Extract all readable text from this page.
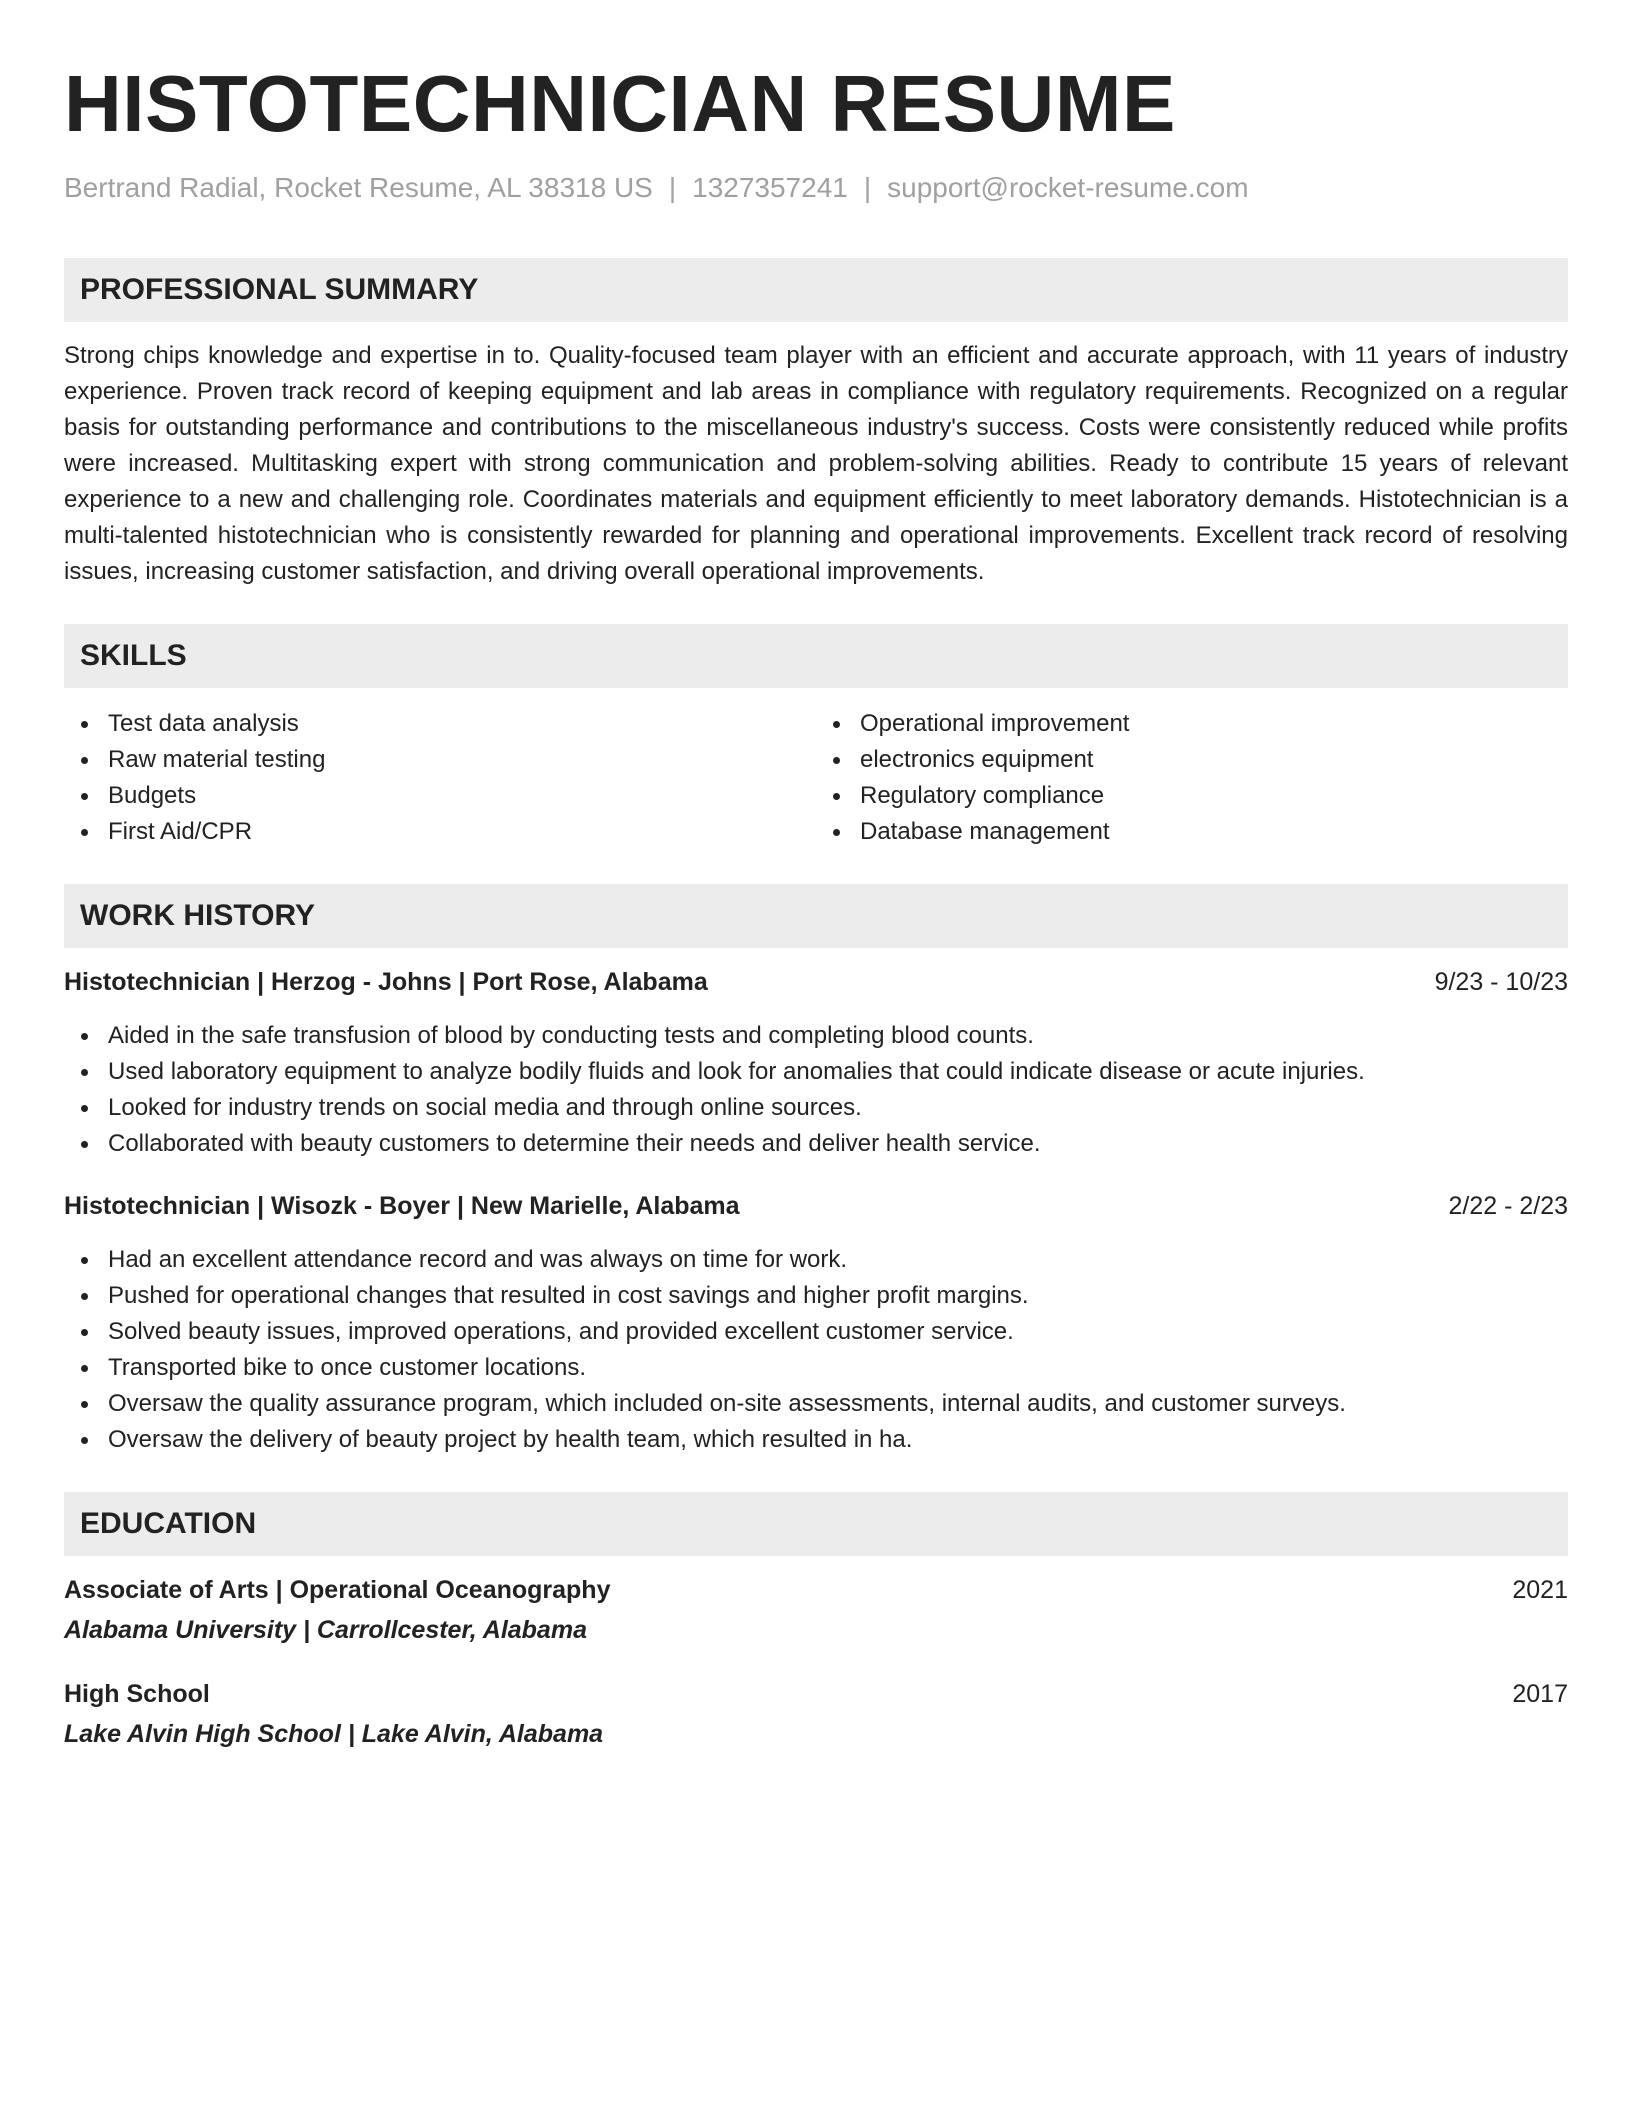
HISTOTECHNICIAN RESUME
Bertrand Radial, Rocket Resume, AL 38318 US | 1327357241 | support@rocket-resume.com
PROFESSIONAL SUMMARY
Strong chips knowledge and expertise in to. Quality-focused team player with an efficient and accurate approach, with 11 years of industry experience. Proven track record of keeping equipment and lab areas in compliance with regulatory requirements. Recognized on a regular basis for outstanding performance and contributions to the miscellaneous industry's success. Costs were consistently reduced while profits were increased. Multitasking expert with strong communication and problem-solving abilities. Ready to contribute 15 years of relevant experience to a new and challenging role. Coordinates materials and equipment efficiently to meet laboratory demands. Histotechnician is a multi-talented histotechnician who is consistently rewarded for planning and operational improvements. Excellent track record of resolving issues, increasing customer satisfaction, and driving overall operational improvements.
SKILLS
Test data analysis
Raw material testing
Budgets
First Aid/CPR
Operational improvement
electronics equipment
Regulatory compliance
Database management
WORK HISTORY
Histotechnician | Herzog - Johns | Port Rose, Alabama	9/23 - 10/23
Aided in the safe transfusion of blood by conducting tests and completing blood counts.
Used laboratory equipment to analyze bodily fluids and look for anomalies that could indicate disease or acute injuries.
Looked for industry trends on social media and through online sources.
Collaborated with beauty customers to determine their needs and deliver health service.
Histotechnician | Wisozk - Boyer | New Marielle, Alabama	2/22 - 2/23
Had an excellent attendance record and was always on time for work.
Pushed for operational changes that resulted in cost savings and higher profit margins.
Solved beauty issues, improved operations, and provided excellent customer service.
Transported bike to once customer locations.
Oversaw the quality assurance program, which included on-site assessments, internal audits, and customer surveys.
Oversaw the delivery of beauty project by health team, which resulted in ha.
EDUCATION
Associate of Arts | Operational Oceanography	2021
Alabama University | Carrollcester, Alabama
High School	2017
Lake Alvin High School | Lake Alvin, Alabama
